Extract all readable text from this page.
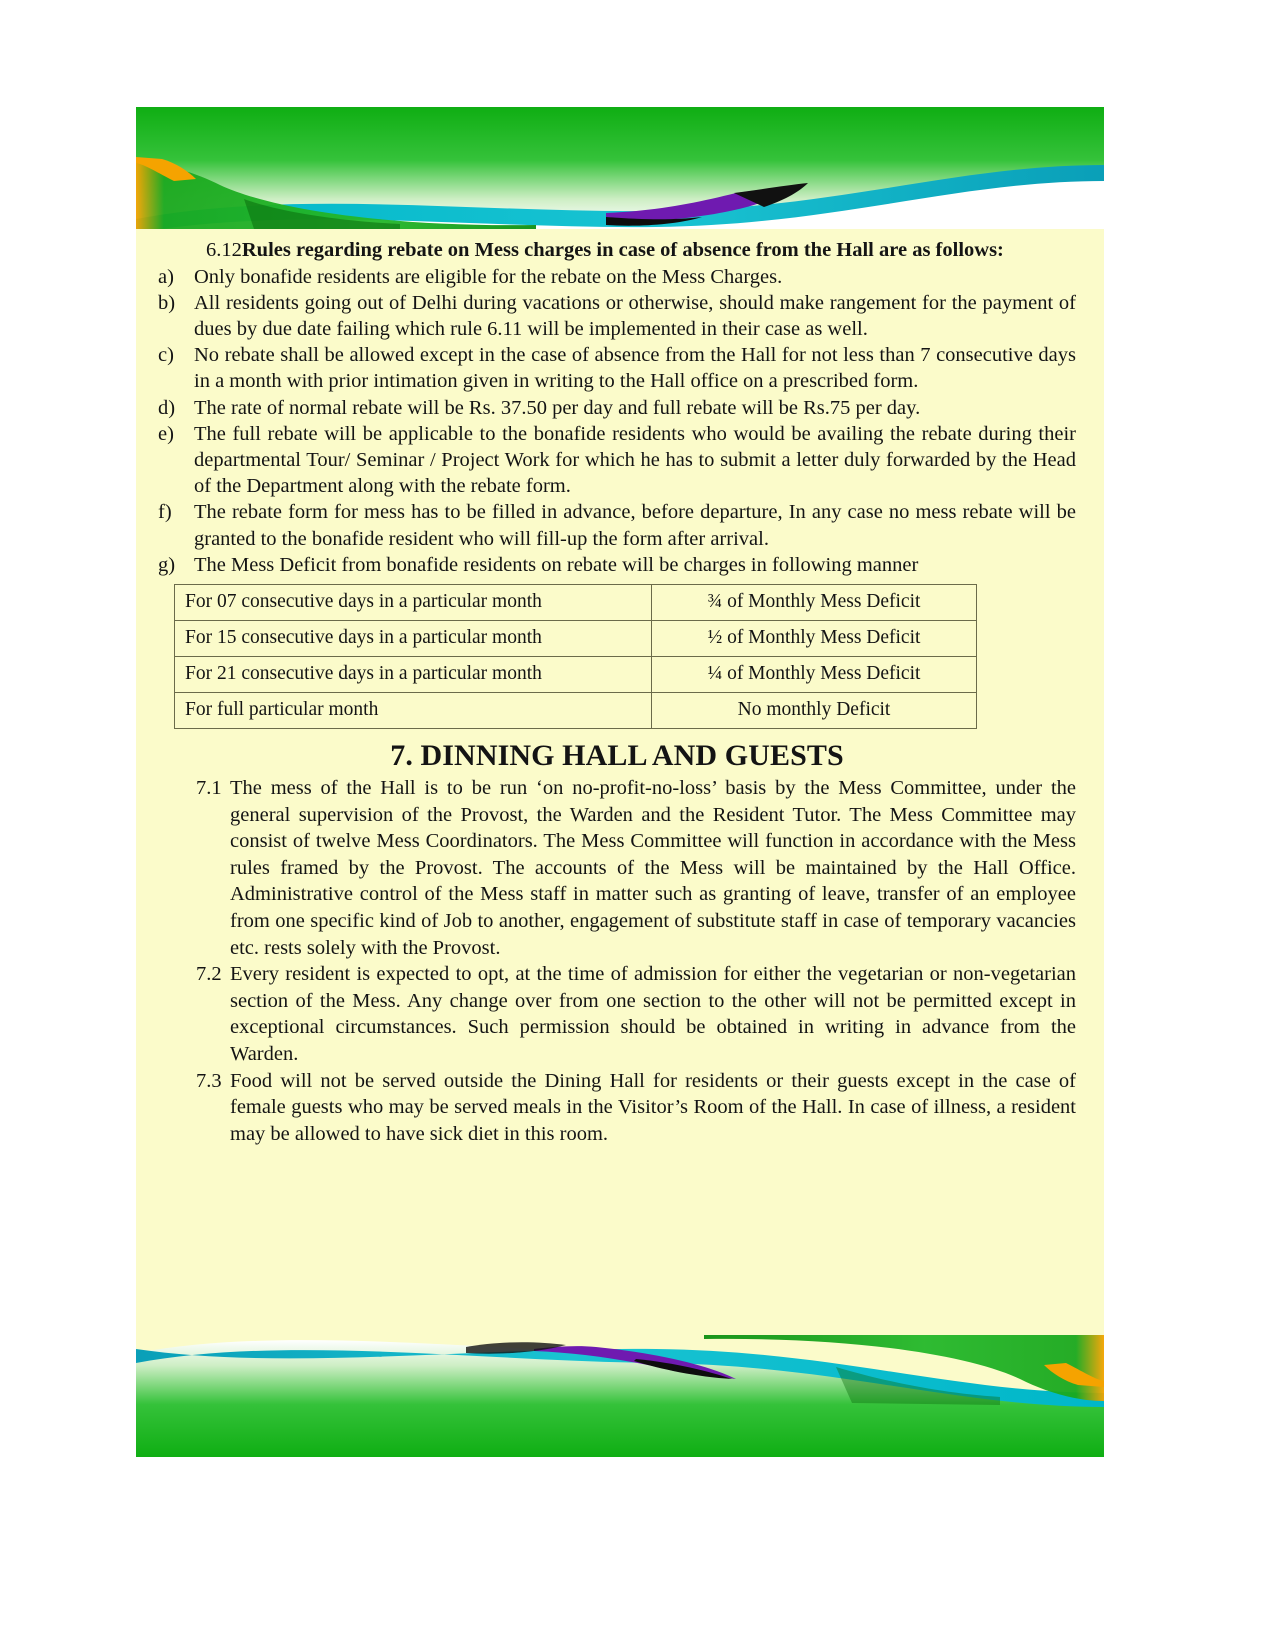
6.12 Rules regarding rebate on Mess charges in case of absence from the Hall are as follows:
a) Only bonafide residents are eligible for the rebate on the Mess Charges.
b) All residents going out of Delhi during vacations or otherwise, should make rangement for the payment of dues by due date failing which rule 6.11 will be implemented in their case as well.
c) No rebate shall be allowed except in the case of absence from the Hall for not less than 7 consecutive days in a month with prior intimation given in writing to the Hall office on a prescribed form.
d) The rate of normal rebate will be Rs. 37.50 per day and full rebate will be Rs.75 per day.
e) The full rebate will be applicable to the bonafide residents who would be availing the rebate during their departmental Tour/ Seminar / Project Work for which he has to submit a letter duly forwarded by the Head of the Department along with the rebate form.
f)	The rebate form for mess has to be filled in advance, before departure, In any case no mess rebate will be granted to the bonafide resident who will fill-up the form after arrival.
g) The Mess Deficit from bonafide residents on rebate will be charges in following manner
For 07 consecutive days in a particular month	¾ of Monthly Mess Deficit
For 15 consecutive days in a particular month	½ of Monthly Mess Deficit
For 21 consecutive days in a particular month	¼ of Monthly Mess Deficit
For full particular month	No monthly Deficit
7. DINNING HALL AND GUESTS
7.1 The mess of the Hall is to be run ‘on no-profit-no-loss’ basis by the Mess Committee, under the general supervision of the Provost, the Warden and the Resident Tutor. The Mess Committee may consist of twelve Mess Coordinators. The Mess Committee will function in accordance with the Mess rules framed by the Provost. The accounts of the Mess will be maintained by the Hall Office. Administrative control of the Mess staff in matter such as granting of leave, transfer of an employee from one specific kind of Job to another, engagement of substitute staff in case of temporary vacancies etc. rests solely with the Provost.
7.2 Every resident is expected to opt, at the time of admission for either the vegetarian or non-vegetarian section of the Mess. Any change over from one section to the other will not be permitted except in exceptional circumstances. Such permission should be obtained in writing in advance from the Warden.
7.3 Food will not be served outside the Dining Hall for residents or their guests except in the case of female guests who may be served meals in the Visitor’s Room of the Hall. In case of illness, a resident may be allowed to have sick diet in this room.
